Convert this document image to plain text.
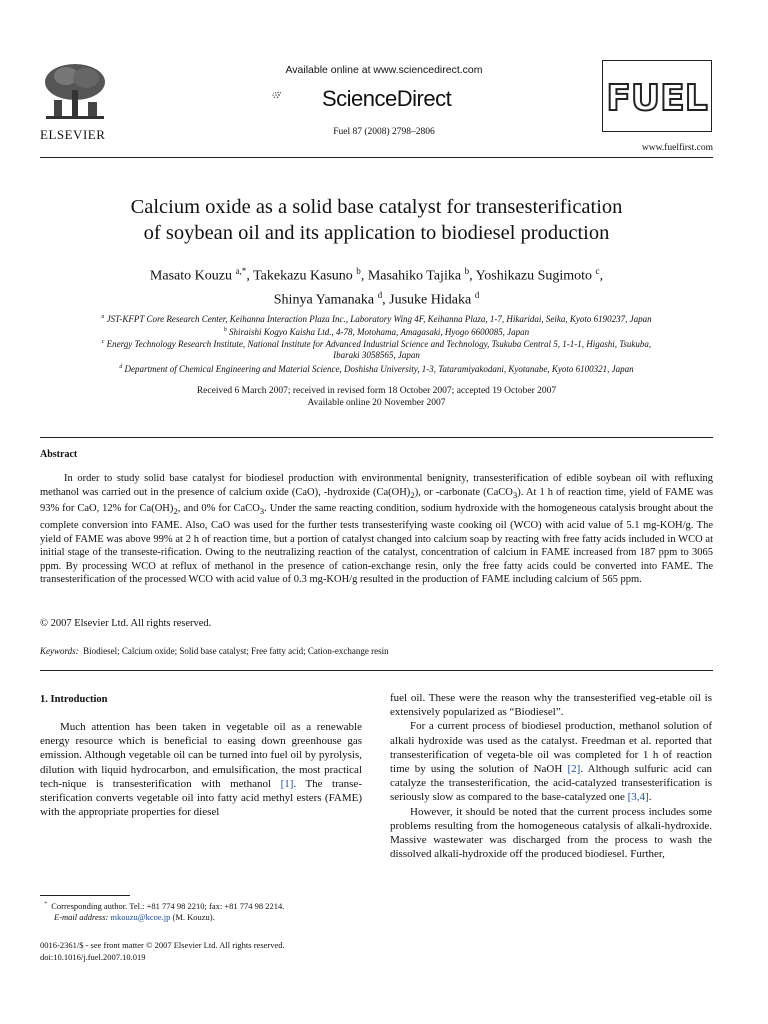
ELSEVIER
Available online at www.sciencedirect.com
ScienceDirect
Fuel 87 (2008) 2798–2806
FUEL
www.fuelfirst.com
Calcium oxide as a solid base catalyst for transesterification
of soybean oil and its application to biodiesel production
Masato Kouzu $^{a,*}$, Takekazu Kasuno $^b$, Masahiko Tajika $^b$, Yoshikazu Sugimoto $^c$,
Shinya Yamanaka $^d$, Jusuke Hidaka $^d$
$^a$ JST-KFPT Core Research Center, Keihanna Interaction Plaza Inc., Laboratory Wing 4F, Keihanna Plaza, 1-7, Hikaridai, Seika, Kyoto 6190237, Japan
$^b$ Shiraishi Kogyo Kaisha Ltd., 4-78, Motohama, Amagasaki, Hyogo 6600085, Japan
$^c$ Energy Technology Research Institute, National Institute for Advanced Industrial Science and Technology, Tsukuba Central 5, 1-1-1, Higashi, Tsukuba,
Ibaraki 3058565, Japan
$^d$ Department of Chemical Engineering and Material Science, Doshisha University, 1-3, Tataramiyakodani, Kyotanabe, Kyoto 6100321, Japan
Received 6 March 2007; received in revised form 18 October 2007; accepted 19 October 2007
Available online 20 November 2007
Abstract

In order to study solid base catalyst for biodiesel production with environmental benignity, transesterification of edible soybean oil with refluxing methanol was carried out in the presence of calcium oxide (CaO), -hydroxide $(Ca(OH)_2)$, or -carbonate (CaCO$_3$). At 1 h of reaction time, yield of FAME was 93% for CaO, 12% for $Ca(OH)_2$, and 0% for CaCO$_3$. Under the same reacting condition, sodium hydroxide with the homogeneous catalysis brought about the complete conversion into FAME. Also, CaO was used for the further tests transesterifying waste cooking oil (WCO) with acid value of 5.1 mg-KOH/g. The yield of FAME was above 99% at 2 h of reaction time, but a portion of catalyst changed into calcium soap by reacting with free fatty acids included in WCO at initial stage of the transeste-rification. Owing to the neutralizing reaction of the catalyst, concentration of calcium in FAME increased from 187 ppm to 3065 ppm. By processing WCO at reflux of methanol in the presence of cation-exchange resin, only the free fatty acids could be converted into FAME. The transesterification of the processed WCO with acid value of 0.3 mg-KOH/g resulted in the production of FAME including calcium of 565 ppm.

© 2007 Elsevier Ltd. All rights reserved.
Keywords: Biodiesel; Calcium oxide; Solid base catalyst; Free fatty acid; Cation-exchange resin
1. Introduction

Much attention has been taken in vegetable oil as a renewable energy resource which is beneficial to easing down greenhouse gas emission. Although vegetable oil can be turned into fuel oil by pyrolysis, dilution with liquid hydrocarbon, and emulsification, the most practical tech-nique is transesterification with methanol [1]. The transe-sterification converts vegetable oil into fatty acid methyl esters (FAME) with the appropriate properties for diesel

fuel oil. These were the reason why the transesterified veg-etable oil is extensively popularized as “Biodiesel”.

For a current process of biodiesel production, methanol solution of alkali hydroxide was used as the catalyst. Freedman et al. reported that transesterification of vegeta-ble oil was completed for 1 h of reaction time by using the solution of NaOH [2]. Although sulfuric acid can catalyze the transesterification, the acid-catalyzed transesterification is seriously slow as compared to the base-catalyzed one [3,4].

However, it should be noted that the current process includes some problems resulting from the homogeneous catalysis of alkali-hydroxide. Massive wastewater was discharged from the process to wash the dissolved alkali-hydroxide off the produced biodiesel. Further,

* Corresponding author. Tel.: +81 774 98 2210; fax: +81 774 98 2214.
E-mail address: mkouzu@kcoe.jp (M. Kouzu).
0016-2361/$ - see front matter © 2007 Elsevier Ltd. All rights reserved.
doi:10.1016/j.fuel.2007.10.019
